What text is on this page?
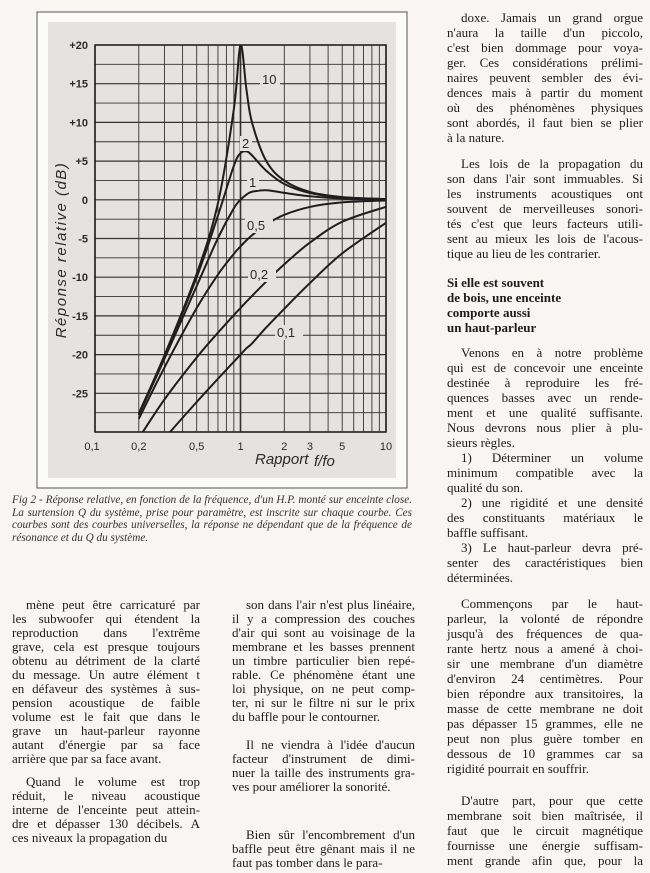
10
2
1
0,5
0,2
0,1
+20
+15
+10
+5
0
-5
-10
-15
-20
-25
0,1	0,2	0,5	1	2 3 5	10
Réponse relative (dB)
Rapport f/fo
Fig 2 - Réponse relative, en fonction de la fréquence, d'un H.P. monté sur enceinte close. La surtension Q du système, prise pour paramètre, est inscrite sur chaque courbe. Ces courbes sont des courbes universelles, la réponse ne dépendant que de la fréquence de résonance et du Q du système.
mène peut être carricaturé par
les subwoofer qui étendent la
reproduction dans l'extrême
grave, cela est presque toujours
obtenu au détriment de la clarté
du message. Un autre élément t
en défaveur des systèmes à sus-
pension acoustique de faible
volume est le fait que dans le
grave un haut-parleur rayonne
autant d'énergie par sa face
arrière que par sa face avant.
Quand le volume est trop
réduit, le niveau acoustique
interne de l'enceinte peut attein-
dre et dépasser 130 décibels. A
ces niveaux la propagation du
son dans l'air n'est plus linéaire,
il y a compression des couches
d'air qui sont au voisinage de la
membrane et les basses prennent
un timbre particulier bien repé-
rable. Ce phénomène étant une
loi physique, on ne peut comp-
ter, ni sur le filtre ni sur le prix
du baffle pour le contourner.
Il ne viendra à l'idée d'aucun
facteur d'instrument de dimi-
nuer la taille des instruments gra-
ves pour améliorer la sonorité.
Bien sûr l'encombrement d'un
baffle peut être gênant mais il ne
faut pas tomber dans le para-
doxe. Jamais un grand orgue
n'aura la taille d'un piccolo,
c'est bien dommage pour voya-
ger. Ces considérations prélimi-
naires peuvent sembler des évi-
dences mais à partir du moment
où des phénomènes physiques
sont abordés, il faut bien se plier
à la nature.
Les lois de la propagation du
son dans l'air sont immuables. Si
les instruments acoustiques ont
souvent de merveilleuses sonori-
tés c'est que leurs facteurs utili-
sent au mieux les lois de l'acous-
tique au lieu de les contrarier.
Si elle est souvent
de bois, une enceinte
comporte aussi
un haut-parleur
Venons en à notre problème
qui est de concevoir une enceinte
destinée à reproduire les fré-
quences basses avec un rende-
ment et une qualité suffisante.
Nous devrons nous plier à plu-
sieurs règles.
1) Déterminer un volume
minimum compatible avec la
qualité du son.
2) une rigidité et une densité
des constituants matériaux le
baffle suffisant.
3) Le haut-parleur devra pré-
senter des caractéristiques bien
déterminées.
Commençons par le haut-
parleur, la volonté de répondre
jusqu'à des fréquences de qua-
rante hertz nous a amené à choi-
sir une membrane d'un diamètre
d'environ 24 centimètres. Pour
bien répondre aux transitoires, la
masse de cette membrane ne doit
pas dépasser 15 grammes, elle ne
peut non plus guère tomber en
dessous de 10 grammes car sa
rigidité pourrait en souffrir.
D'autre part, pour que cette
membrane soit bien maîtrisée, il
faut que le circuit magnétique
fournisse une énergie suffisam-
ment grande afin que, pour la
